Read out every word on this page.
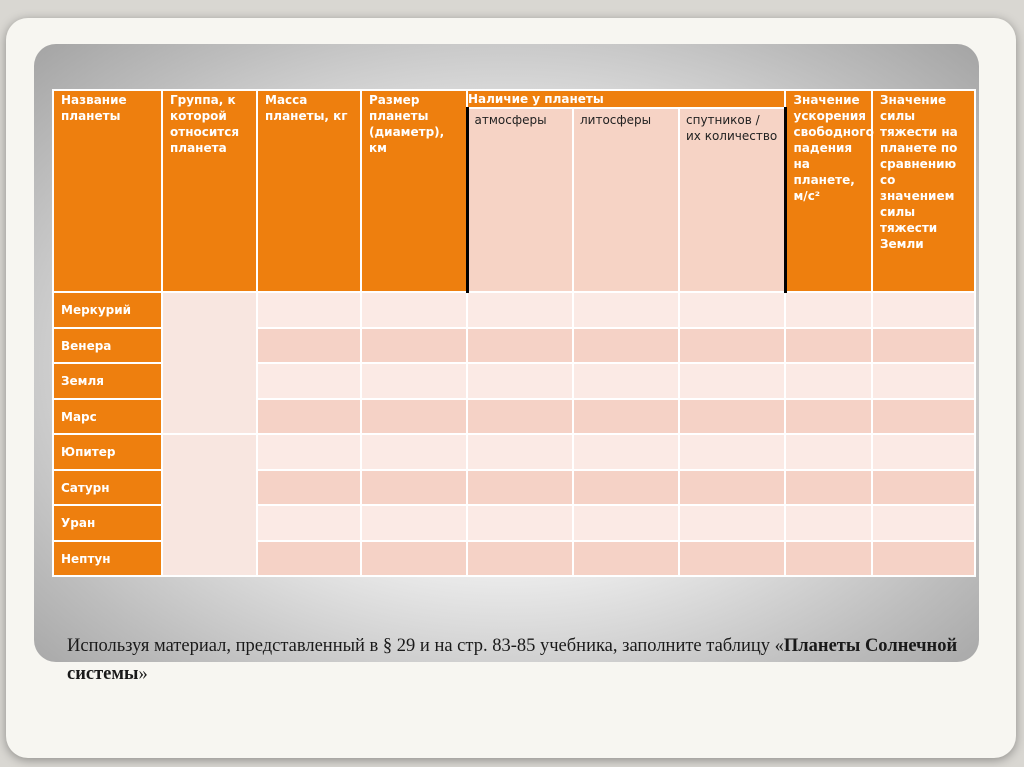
Название планеты	Группа, к которой относится планета	Масса планеты, кг	Размер планеты (диаметр), км	Наличие у планеты			Значение ускорения свободного падения на планете, м/с²	Значение силы тяжести на планете по сравнению со значением силы тяжести Земли
				атмосферы	литосферы	спутников / их количество		
Меркурий								
Венера								
Земля								
Марс								
Юпитер								
Сатурн								
Уран								
Нептун								

Используя материал, представленный в § 29 и на стр. 83-85 учебника, заполните таблицу «Планеты Солнечной системы»
